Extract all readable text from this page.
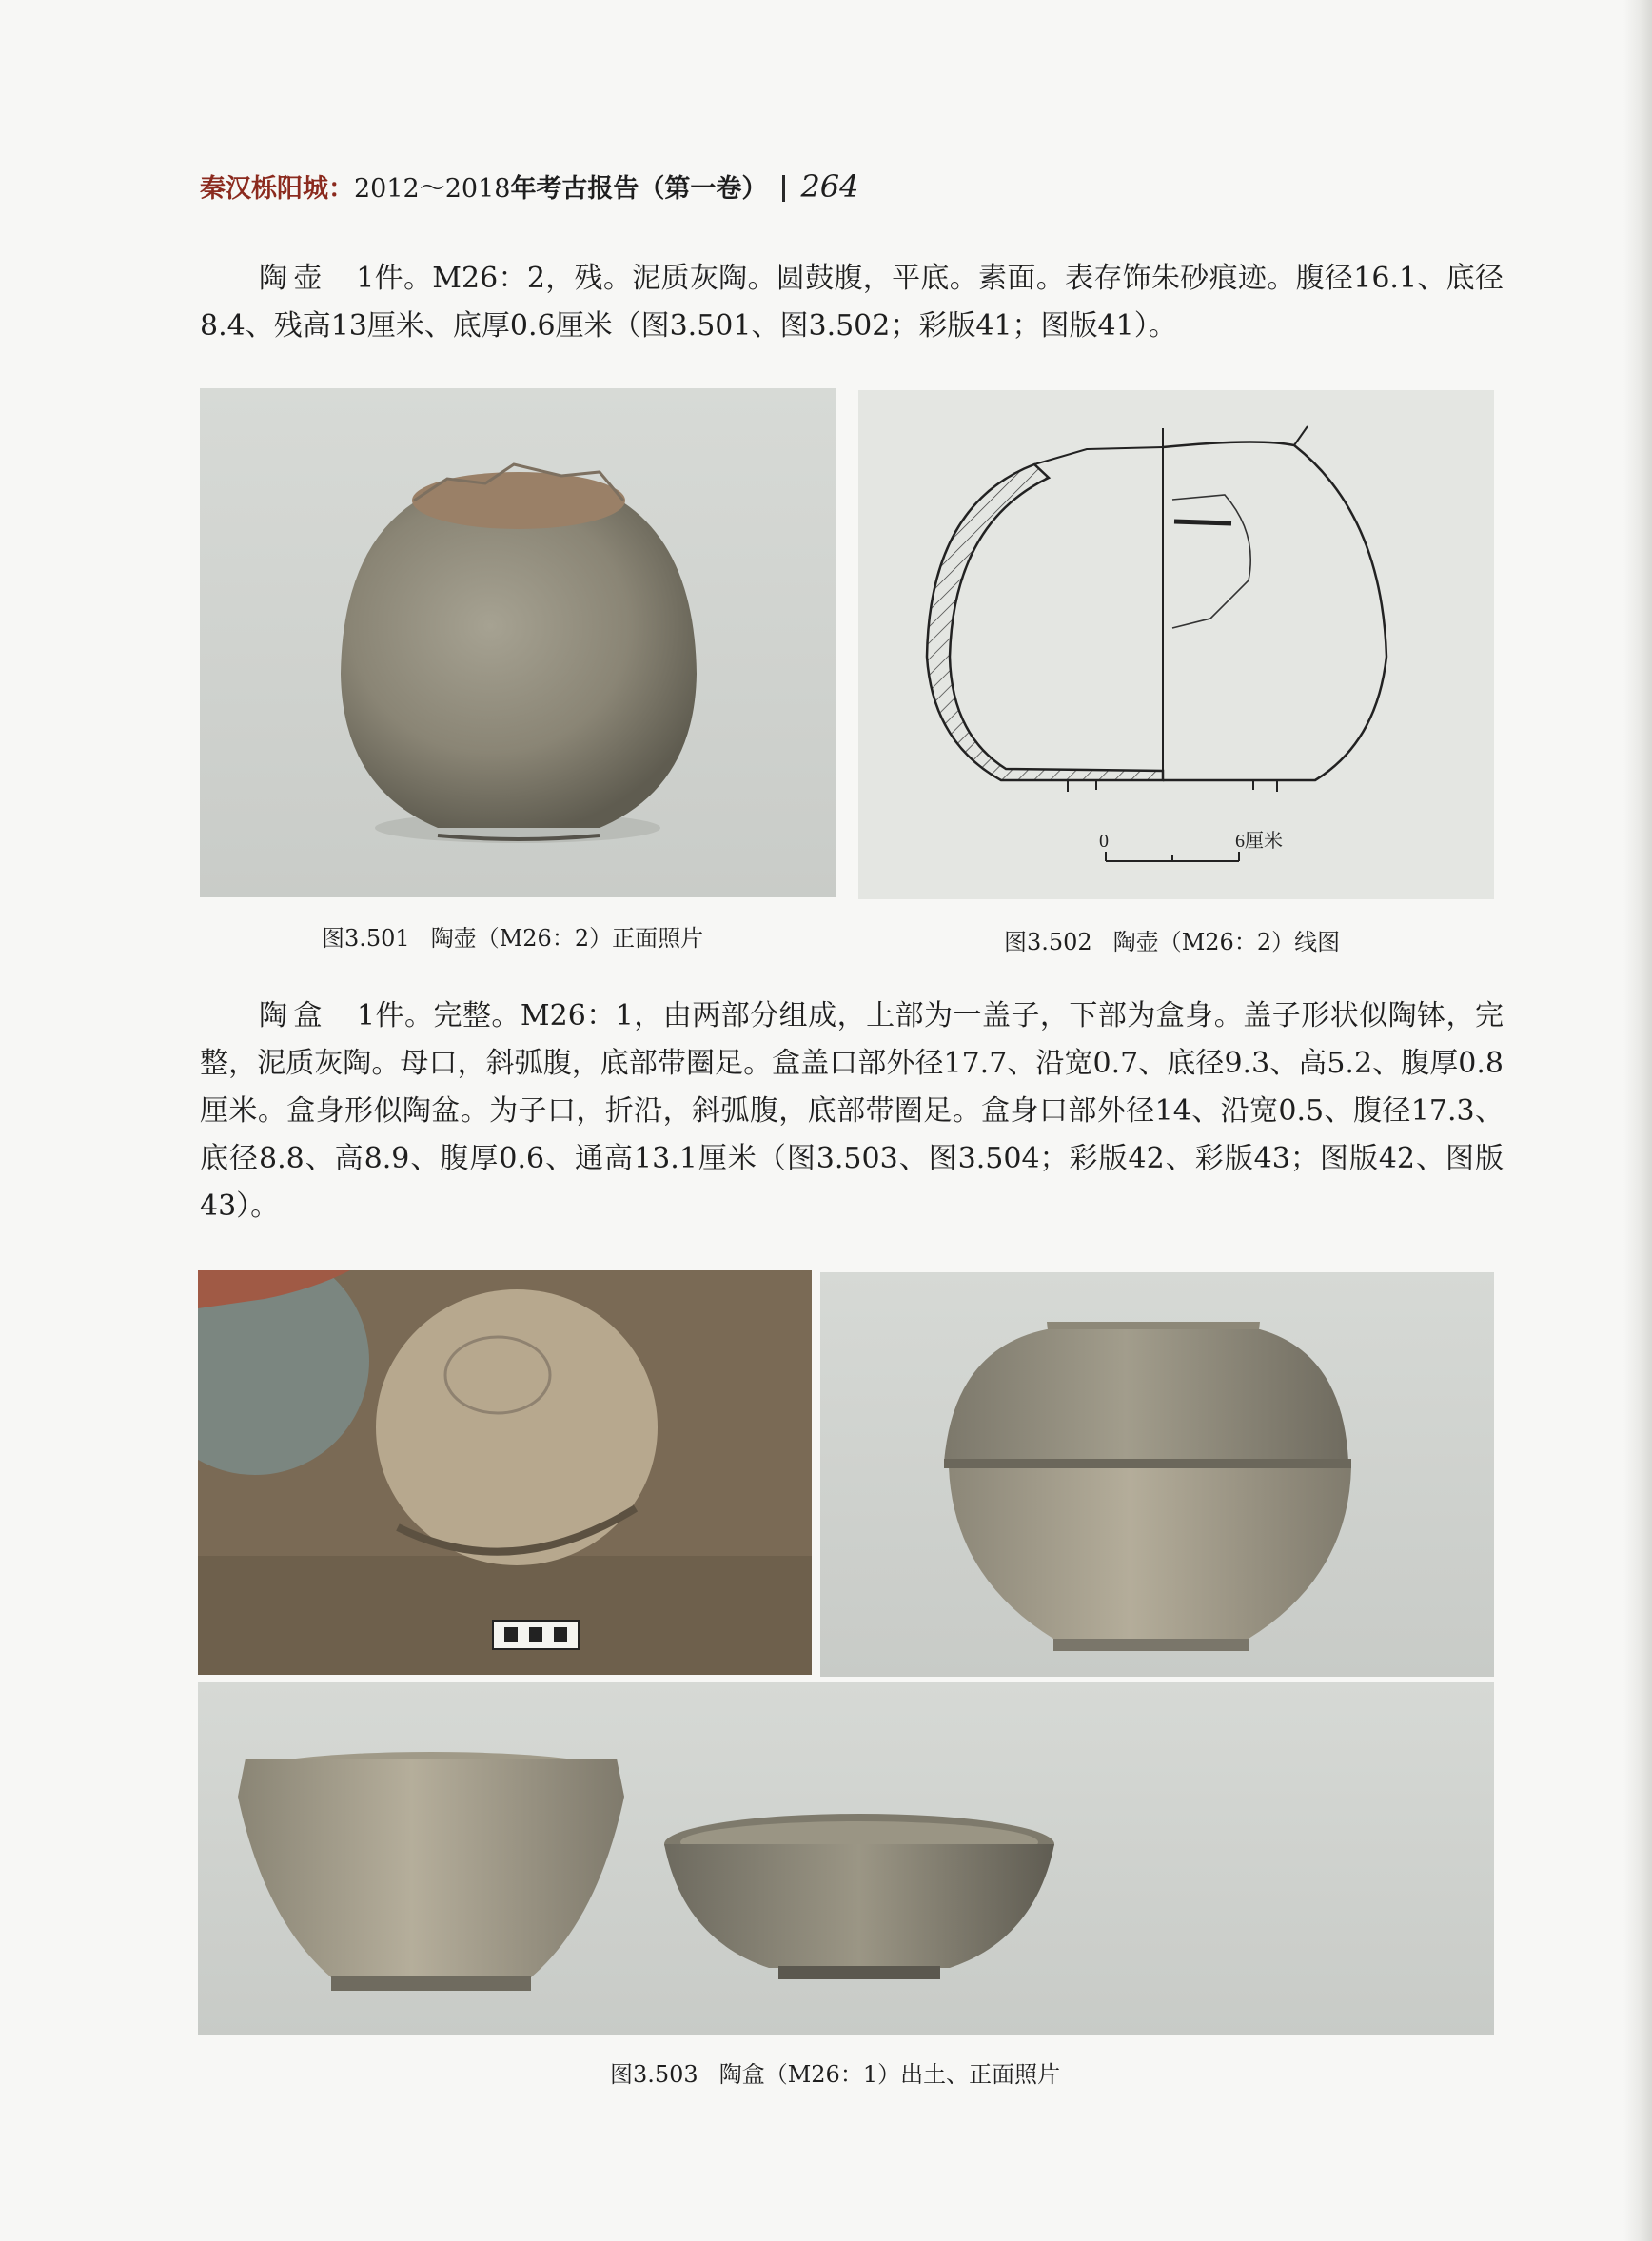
秦汉栎阳城：2012～2018年考古报告（第一卷） 264

陶壶 1件。M26：2，残。泥质灰陶。圆鼓腹，平底。素面。表存饰朱砂痕迹。腹径16.1、底径8.4、残高13厘米、底厚0.6厘米（图3.501、图3.502；彩版41；图版41）。

图3.501 陶壶（M26：2）正面照片
0	6厘米
图3.502 陶壶（M26：2）线图

陶盒 1件。完整。M26：1，由两部分组成，上部为一盖子，下部为盒身。盖子形状似陶钵，完整，泥质灰陶。母口，斜弧腹，底部带圈足。盒盖口部外径17.7、沿宽0.7、底径9.3、高5.2、腹厚0.8厘米。盒身形似陶盆。为子口，折沿，斜弧腹，底部带圈足。盒身口部外径14、沿宽0.5、腹径17.3、底径8.8、高8.9、腹厚0.6、通高13.1厘米（图3.503、图3.504；彩版42、彩版43；图版42、图版43）。

图3.503 陶盒（M26：1）出土、正面照片
